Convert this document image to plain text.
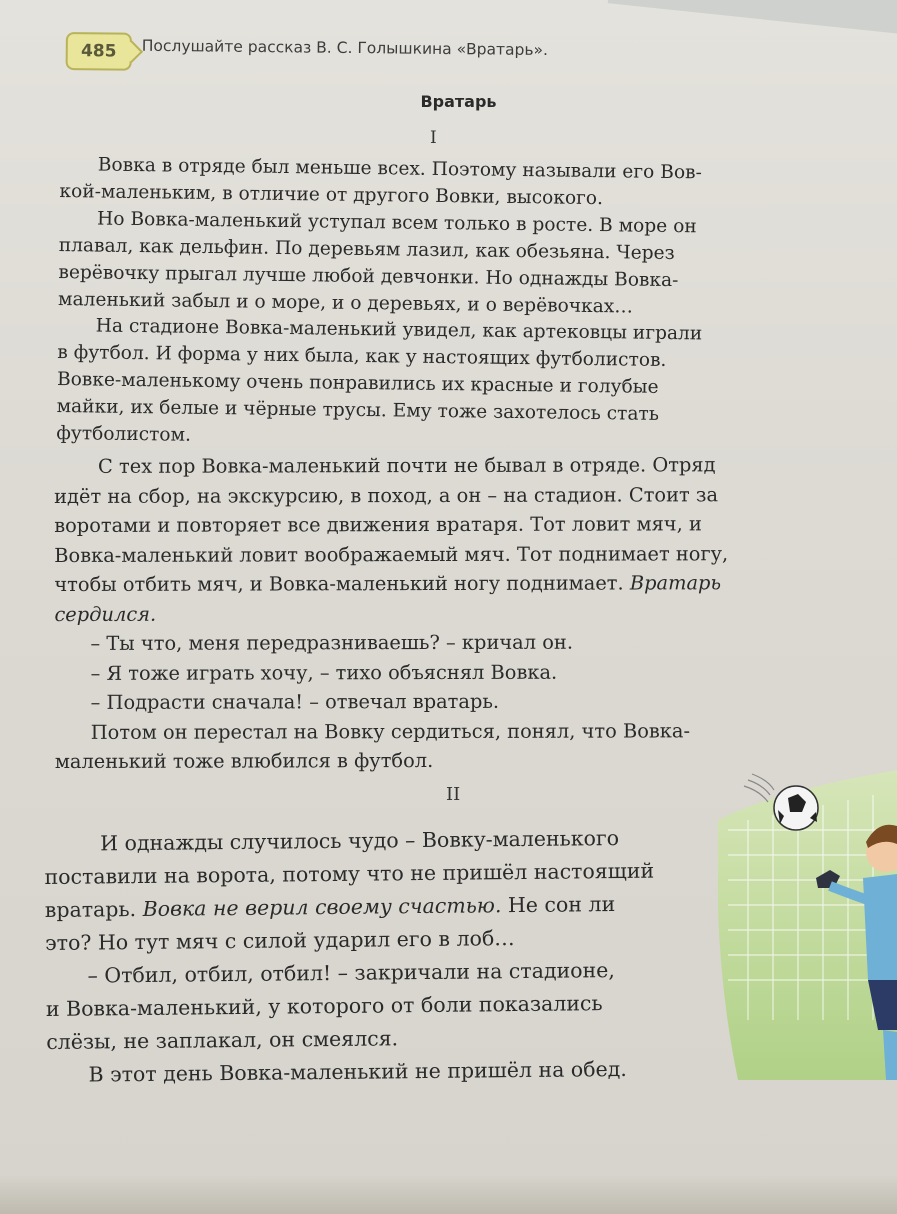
485	Послушайте рассказ В. С. Голышкина «Вратарь».
Вратарь
I
Вовка в отряде был меньше всех. Поэтому называли его Вов-
кой-маленьким, в отличие от другого Вовки, высокого.
Но Вовка-маленький уступал всем только в росте. В море он
плавал, как дельфин. По деревьям лазил, как обезьяна. Через
верёвочку прыгал лучше любой девчонки. Но однажды Вовка-
маленький забыл и о море, и о деревьях, и о верёвочках…
На стадионе Вовка-маленький увидел, как артековцы играли
в футбол. И форма у них была, как у настоящих футболистов.
Вовке-маленькому очень понравились их красные и голубые
майки, их белые и чёрные трусы. Ему тоже захотелось стать
футболистом.
С тех пор Вовка-маленький почти не бывал в отряде. Отряд
идёт на сбор, на экскурсию, в поход, а он – на стадион. Стоит за
воротами и повторяет все движения вратаря. Тот ловит мяч, и
Вовка-маленький ловит воображаемый мяч. Тот поднимает ногу,
чтобы отбить мяч, и Вовка-маленький ногу поднимает. Вратарь
сердился.
– Ты что, меня передразниваешь? – кричал он.
– Я тоже играть хочу, – тихо объяснял Вовка.
– Подрасти сначала! – отвечал вратарь.
Потом он перестал на Вовку сердиться, понял, что Вовка-
маленький тоже влюбился в футбол.
II
И однажды случилось чудо – Вовку-маленького
поставили на ворота, потому что не пришёл настоящий
вратарь. Вовка не верил своему счастью. Не сон ли
это? Но тут мяч с силой ударил его в лоб…
– Отбил, отбил, отбил! – закричали на стадионе,
и Вовка-маленький, у которого от боли показались
слёзы, не заплакал, он смеялся.
В этот день Вовка-маленький не пришёл на обед.
